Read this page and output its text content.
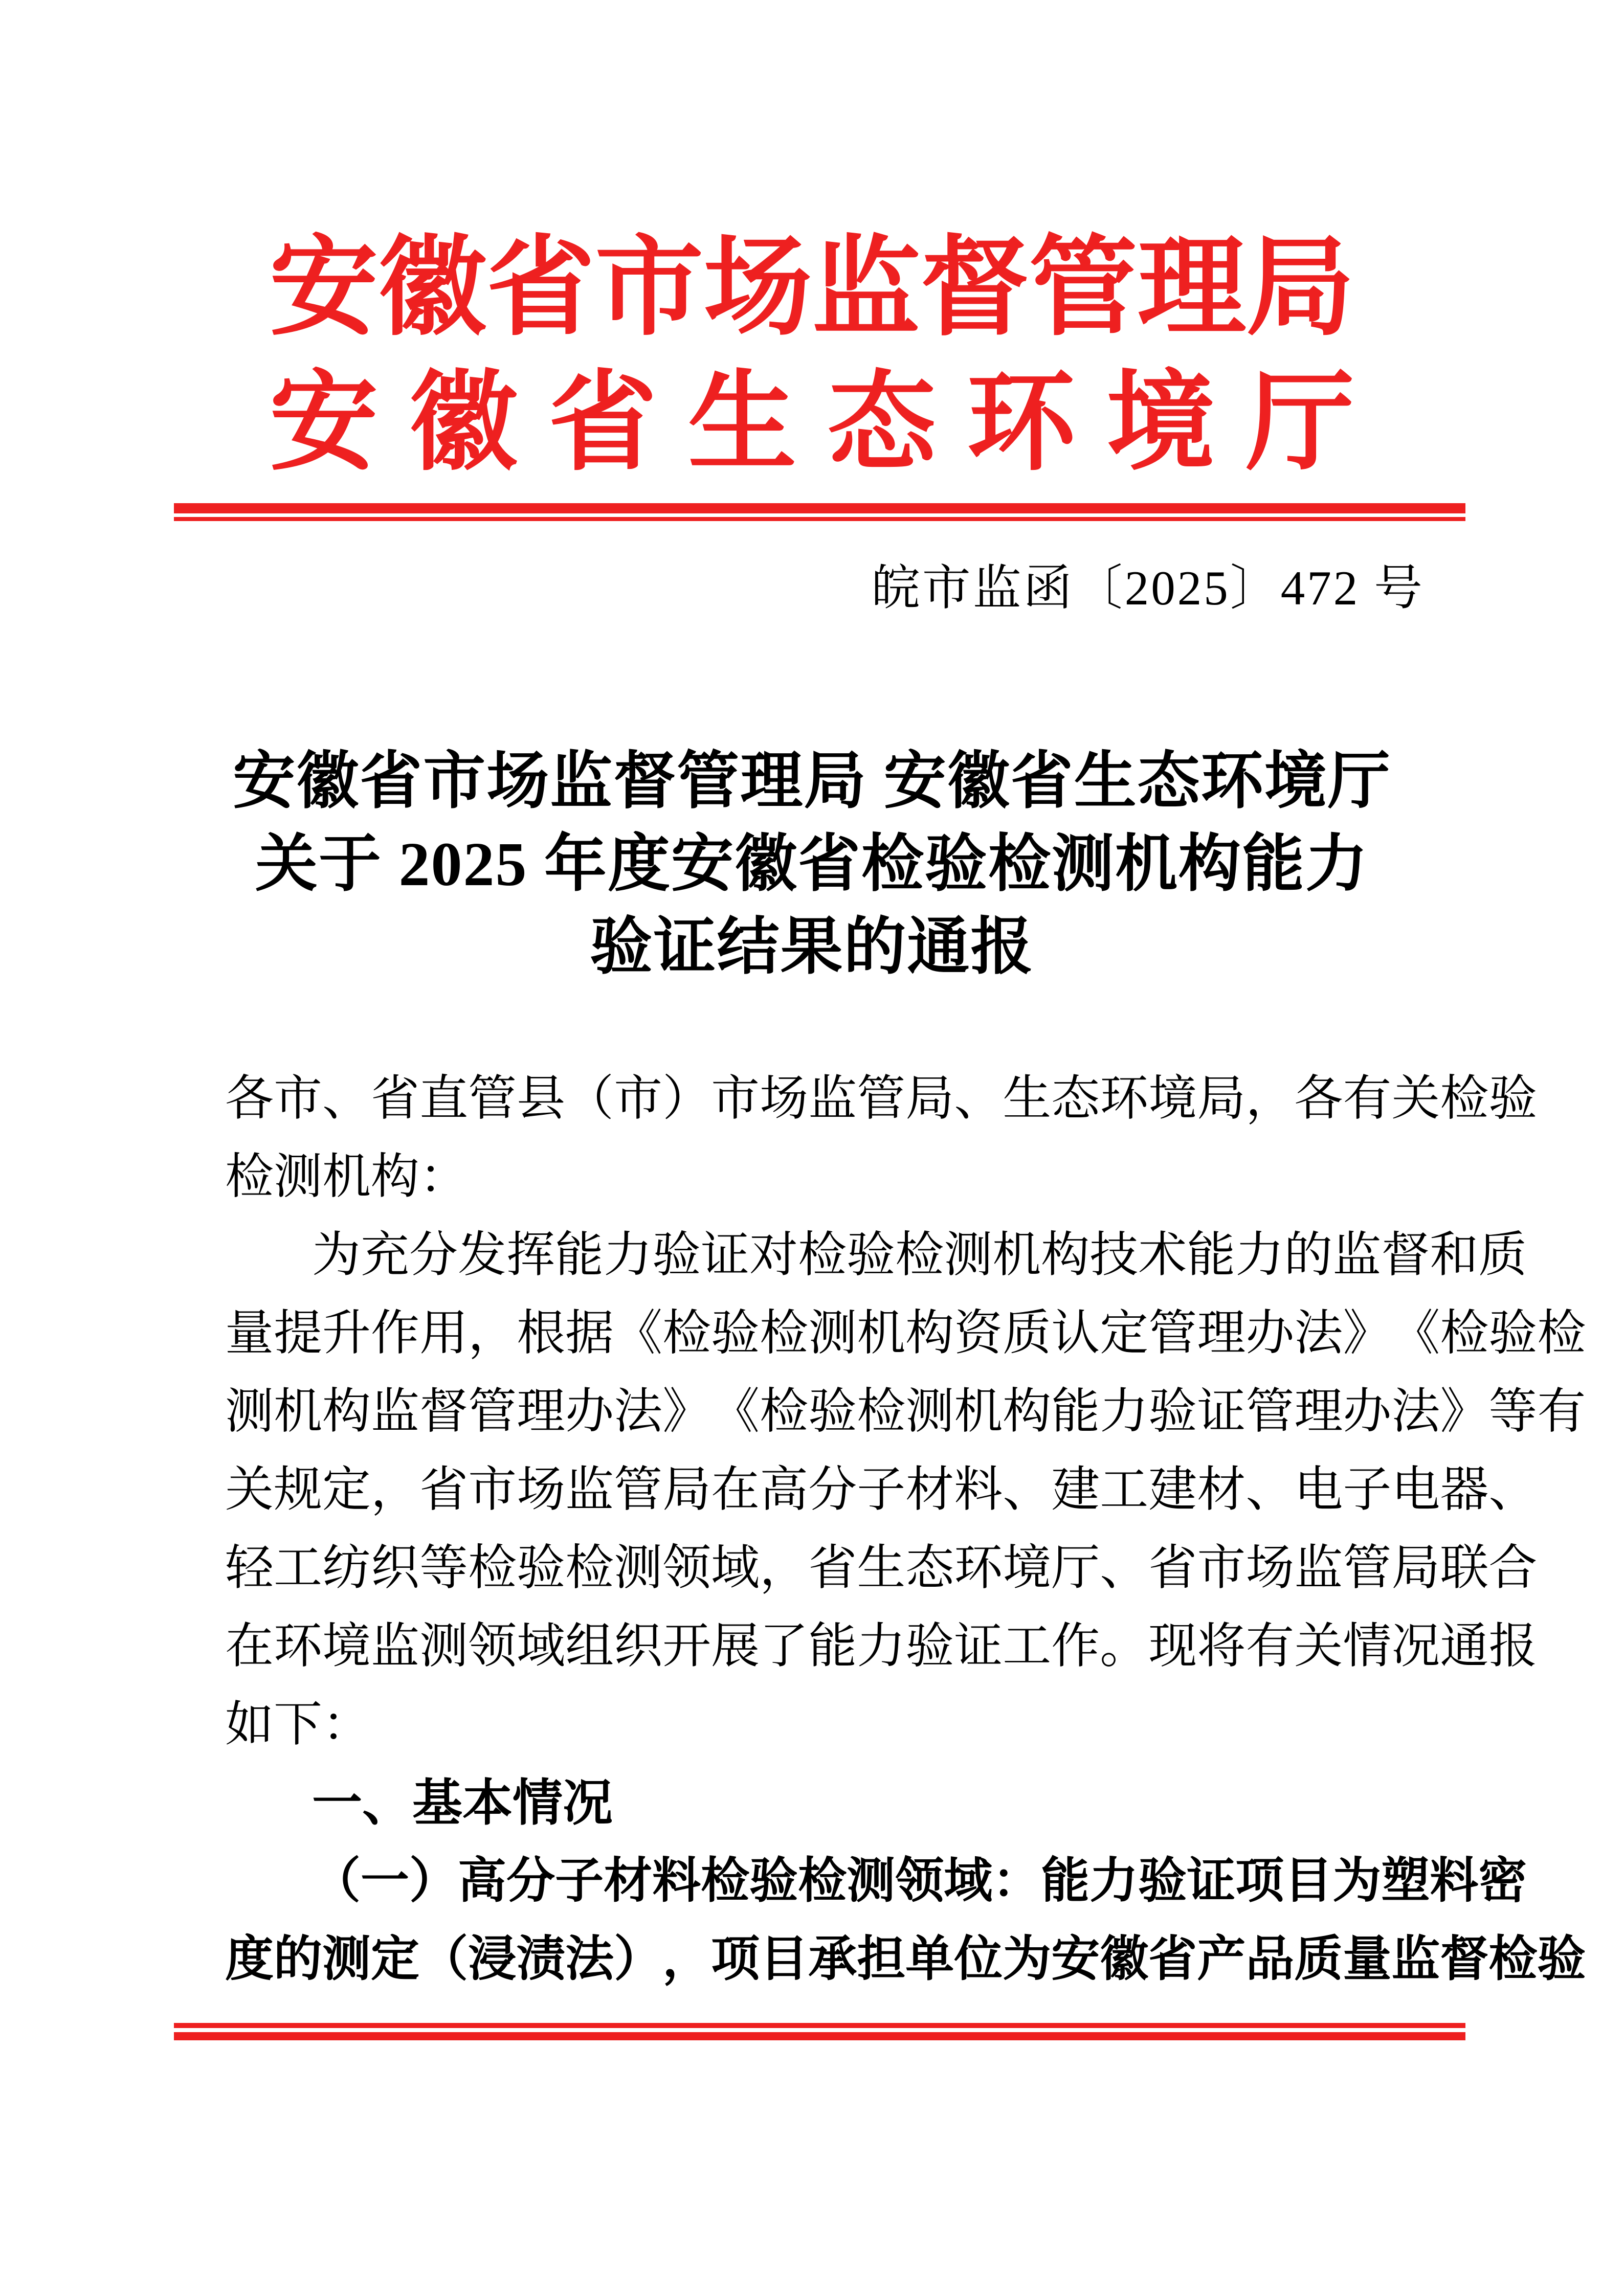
安 徽 省 市 场 监 督 管 理 局
安 徽 省 生 态 环 境 厅
皖市监函〔2025〕472 号
安徽省市场监督管理局 安徽省生态环境厅
关于 2025 年度安徽省检验检测机构能力
验证结果的通报
各 市 、 省 直 管 县 （ 市 ） 市 场 监 管 局 、 生 态 环 境 局 ， 各 有 关 检 验
检测机构：
为 充 分 发 挥 能 力 验 证 对 检 验 检 测 机 构 技 术 能 力 的 监 督 和 质
量 提 升 作 用 ， 根 据 《 检 验 检 测 机 构 资 质 认 定 管 理 办 法 》 《 检 验 检
测 机 构 监 督 管 理 办 法 》 《 检 验 检 测 机 构 能 力 验 证 管 理 办 法 》 等 有
关 规 定 ， 省 市 场 监 管 局 在 高 分 子 材 料 、 建 工 建 材 、 电 子 电 器 、
轻 工 纺 织 等 检 验 检 测 领 域 ， 省 生 态 环 境 厅 、 省 市 场 监 管 局 联 合
在 环 境 监 测 领 域 组 织 开 展 了 能 力 验 证 工 作 。 现 将 有 关 情 况 通 报
如下：
一、基本情况
（ 一 ） 高 分 子 材 料 检 验 检 测 领 域 ： 能 力 验 证 项 目 为 塑 料 密
度 的 测 定 （ 浸 渍 法 ） ， 项 目 承 担 单 位 为 安 徽 省 产 品 质 量 监 督 检 验
